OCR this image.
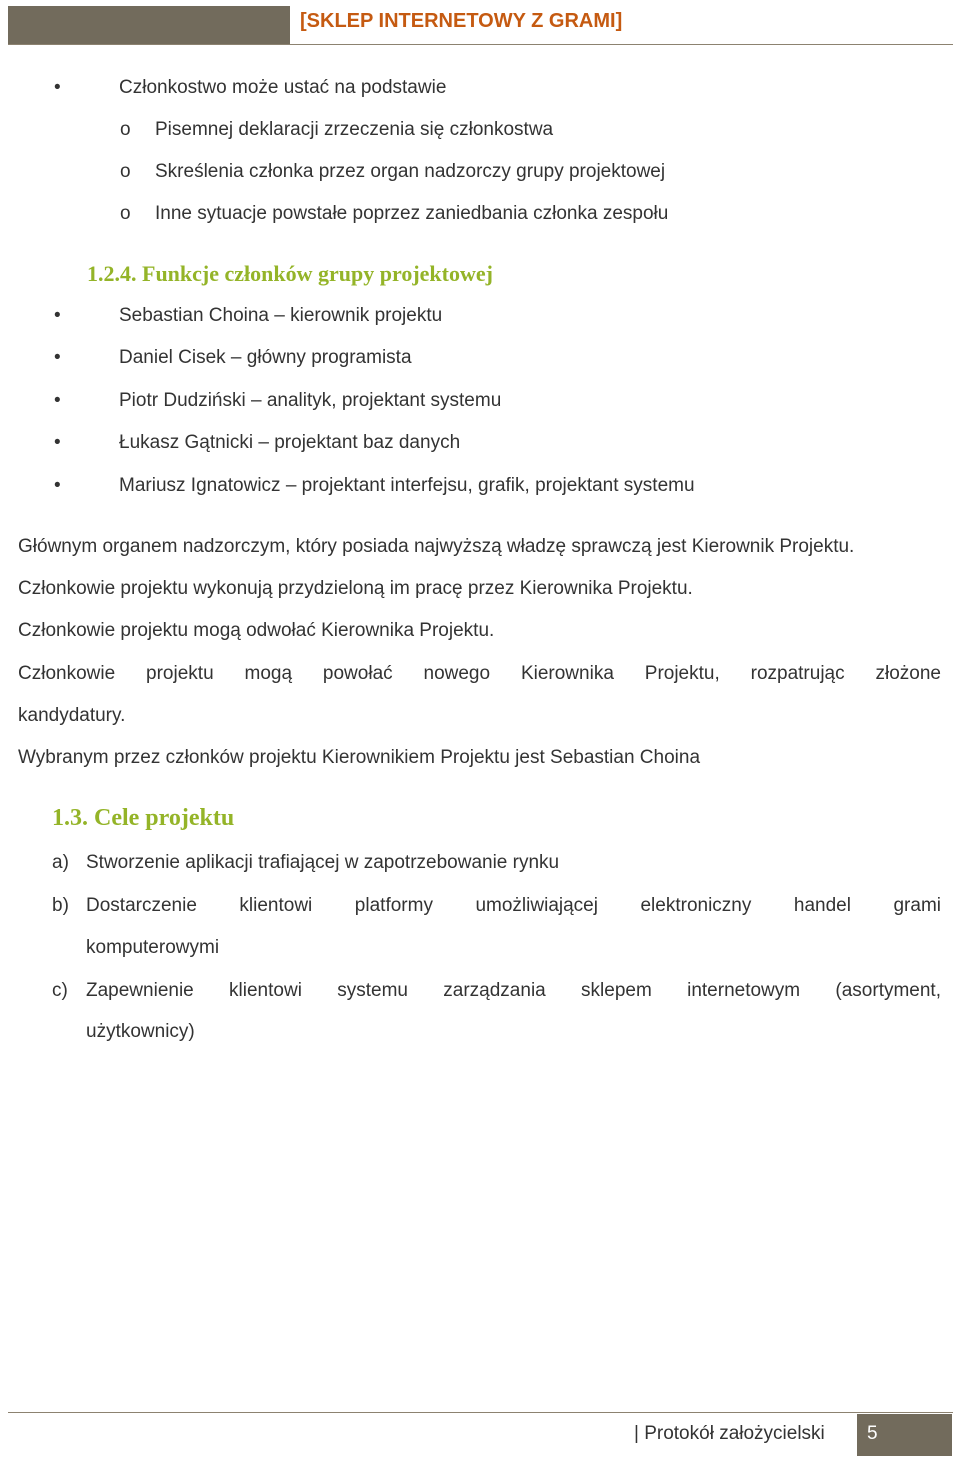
[SKLEP INTERNETOWY Z GRAMI]
•	Członkostwo może ustać na podstawie
o Pisemnej deklaracji zrzeczenia się członkostwa
o Skreślenia członka przez organ nadzorczy grupy projektowej
o Inne sytuacje powstałe poprzez zaniedbania członka zespołu
1.2.4. Funkcje członków grupy projektowej
•	Sebastian Choina – kierownik projektu
•	Daniel Cisek – główny programista
•	Piotr Dudziński – analityk, projektant systemu
•	Łukasz Gątnicki – projektant baz danych
•	Mariusz Ignatowicz – projektant interfejsu, grafik, projektant systemu
Głównym organem nadzorczym, który posiada najwyższą władzę sprawczą jest Kierownik Projektu.
Członkowie projektu wykonują przydzieloną im pracę przez Kierownika Projektu.
Członkowie projektu mogą odwołać Kierownika Projektu.
Członkowie projektu mogą powołać nowego Kierownika Projektu, rozpatrując złożone
kandydatury.
Wybranym przez członków projektu Kierownikiem Projektu jest Sebastian Choina
1.3. Cele projektu
a) Stworzenie aplikacji trafiającej w zapotrzebowanie rynku
b) Dostarczenie klientowi platformy umożliwiającej elektroniczny handel grami
komputerowymi
c) Zapewnienie klientowi systemu zarządzania sklepem internetowym (asortyment,
użytkownicy)
| Protokół założycielski 5
